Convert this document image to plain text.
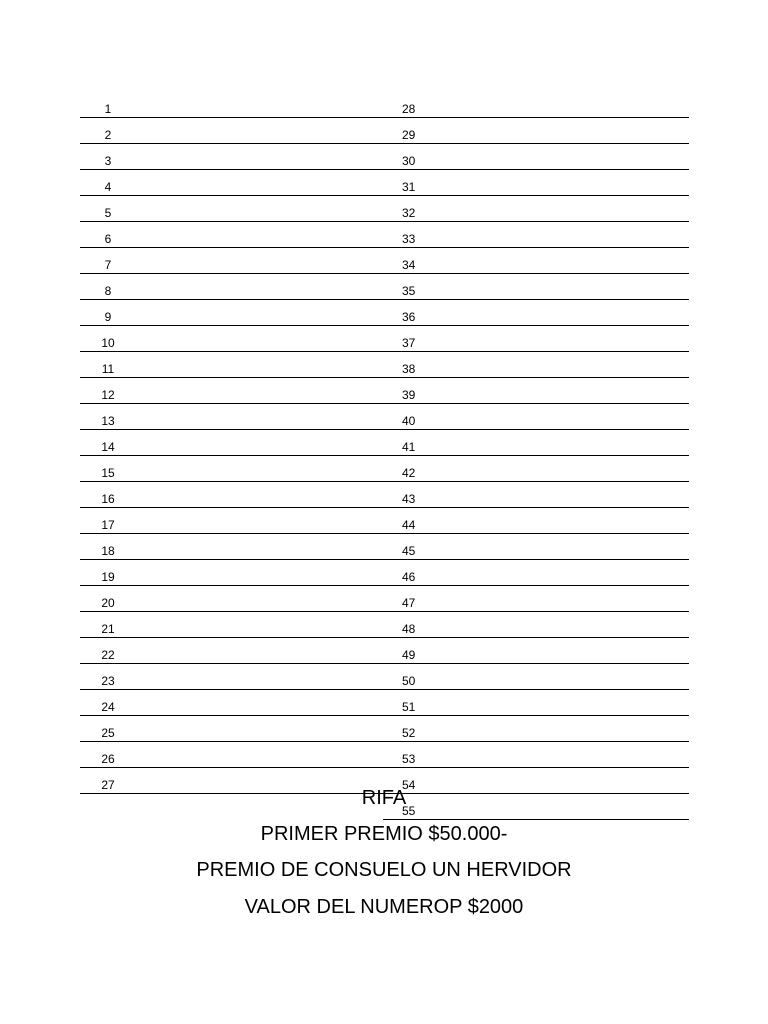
1
2
3
4
5
6
7
8
9
10
11
12
13
14
15
16
17
18
19
20
21
22
23
24
25
26
27
28
29
30
31
32
33
34
35
36
37
38
39
40
41
42
43
44
45
46
47
48
49
50
51
52
53
54
55
RIFA
PRIMER PREMIO $50.000-
PREMIO DE CONSUELO UN HERVIDOR
VALOR DEL NUMEROP $2000
